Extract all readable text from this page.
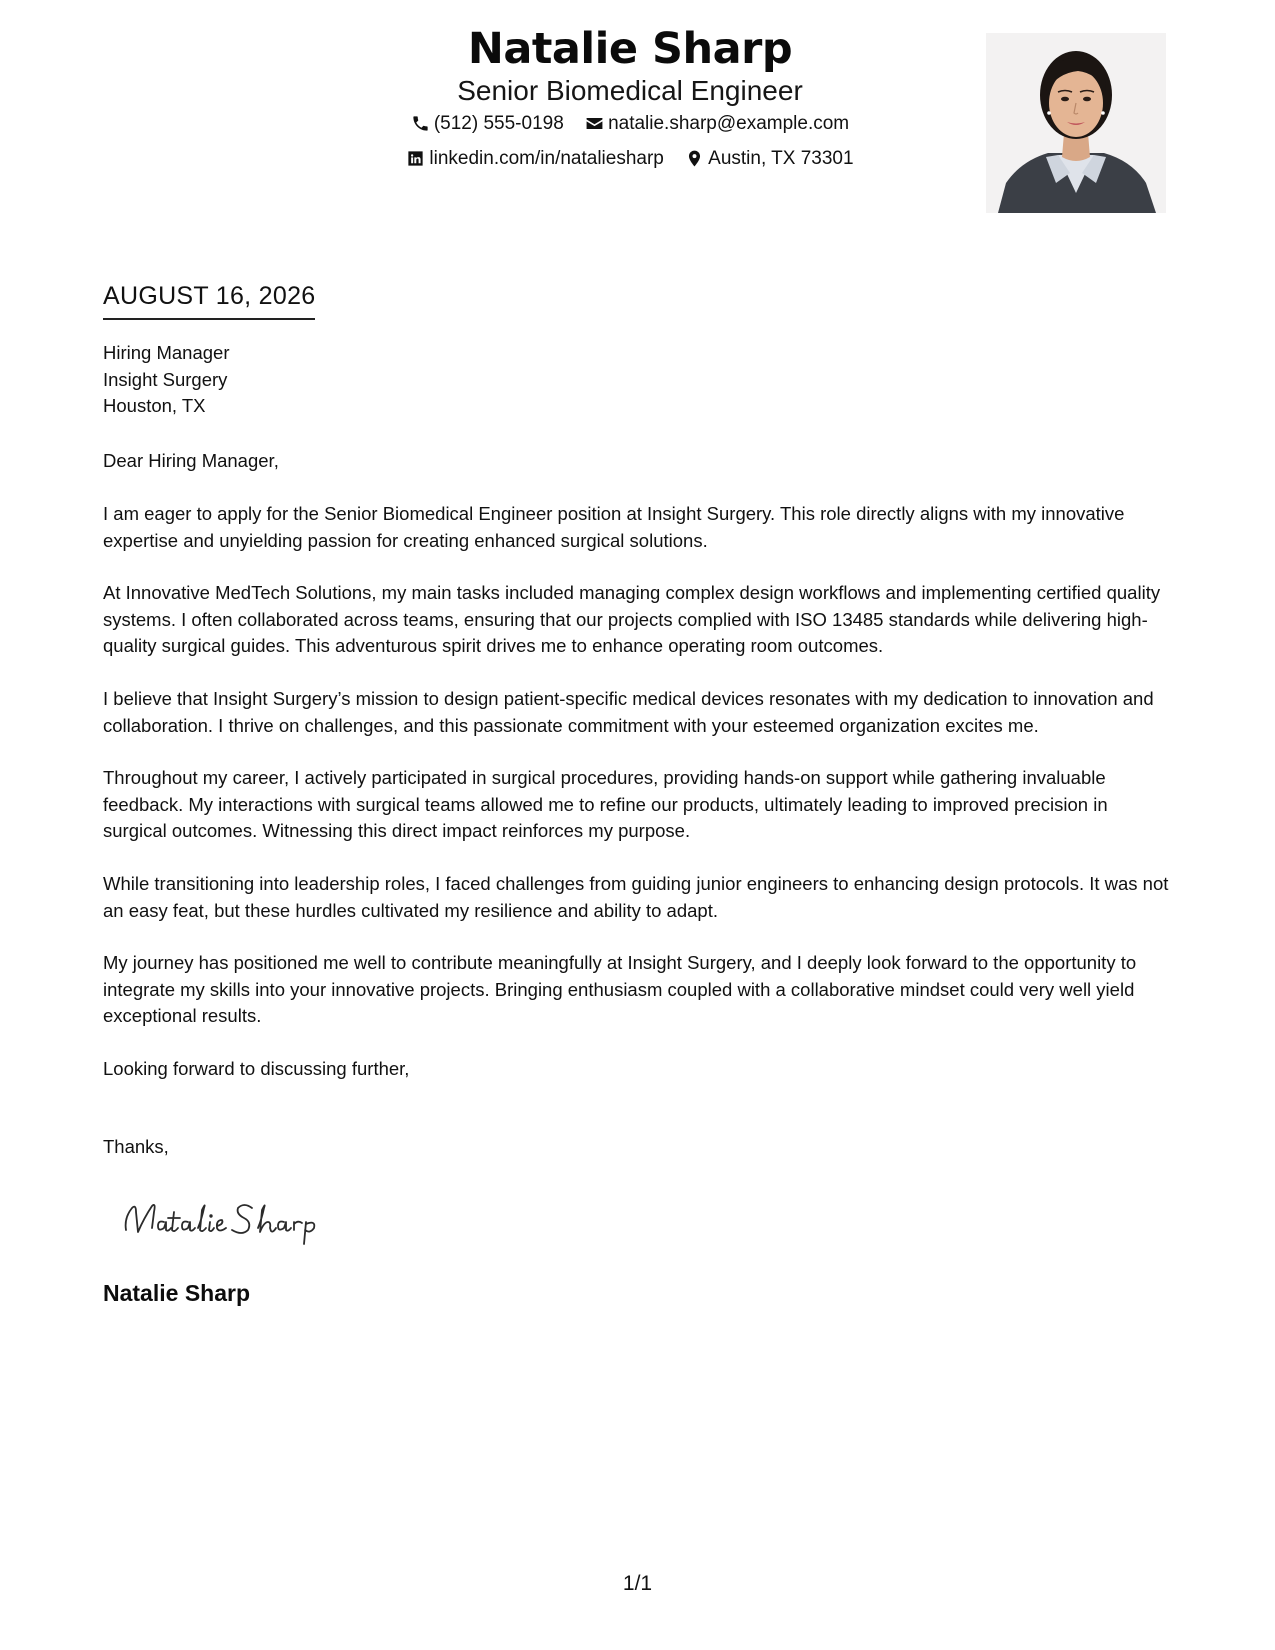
Natalie Sharp
Senior Biomedical Engineer
(512) 555-0198
natalie.sharp@example.com
linkedin.com/in/nataliesharp
Austin, TX 73301
AUGUST 16, 2026
Hiring Manager
Insight Surgery
Houston, TX
Dear Hiring Manager,
I am eager to apply for the Senior Biomedical Engineer position at Insight Surgery. This role directly aligns with my innovative expertise and unyielding passion for creating enhanced surgical solutions.
At Innovative MedTech Solutions, my main tasks included managing complex design workflows and implementing certified quality systems. I often collaborated across teams, ensuring that our projects complied with ISO 13485 standards while delivering high-quality surgical guides. This adventurous spirit drives me to enhance operating room outcomes.
I believe that Insight Surgery’s mission to design patient-specific medical devices resonates with my dedication to innovation and collaboration. I thrive on challenges, and this passionate commitment with your esteemed organization excites me.
Throughout my career, I actively participated in surgical procedures, providing hands-on support while gathering invaluable feedback. My interactions with surgical teams allowed me to refine our products, ultimately leading to improved precision in surgical outcomes. Witnessing this direct impact reinforces my purpose.
While transitioning into leadership roles, I faced challenges from guiding junior engineers to enhancing design protocols. It was not an easy feat, but these hurdles cultivated my resilience and ability to adapt.
My journey has positioned me well to contribute meaningfully at Insight Surgery, and I deeply look forward to the opportunity to integrate my skills into your innovative projects. Bringing enthusiasm coupled with a collaborative mindset could very well yield exceptional results.
Looking forward to discussing further,
Thanks,
Natalie Sharp
1/1
